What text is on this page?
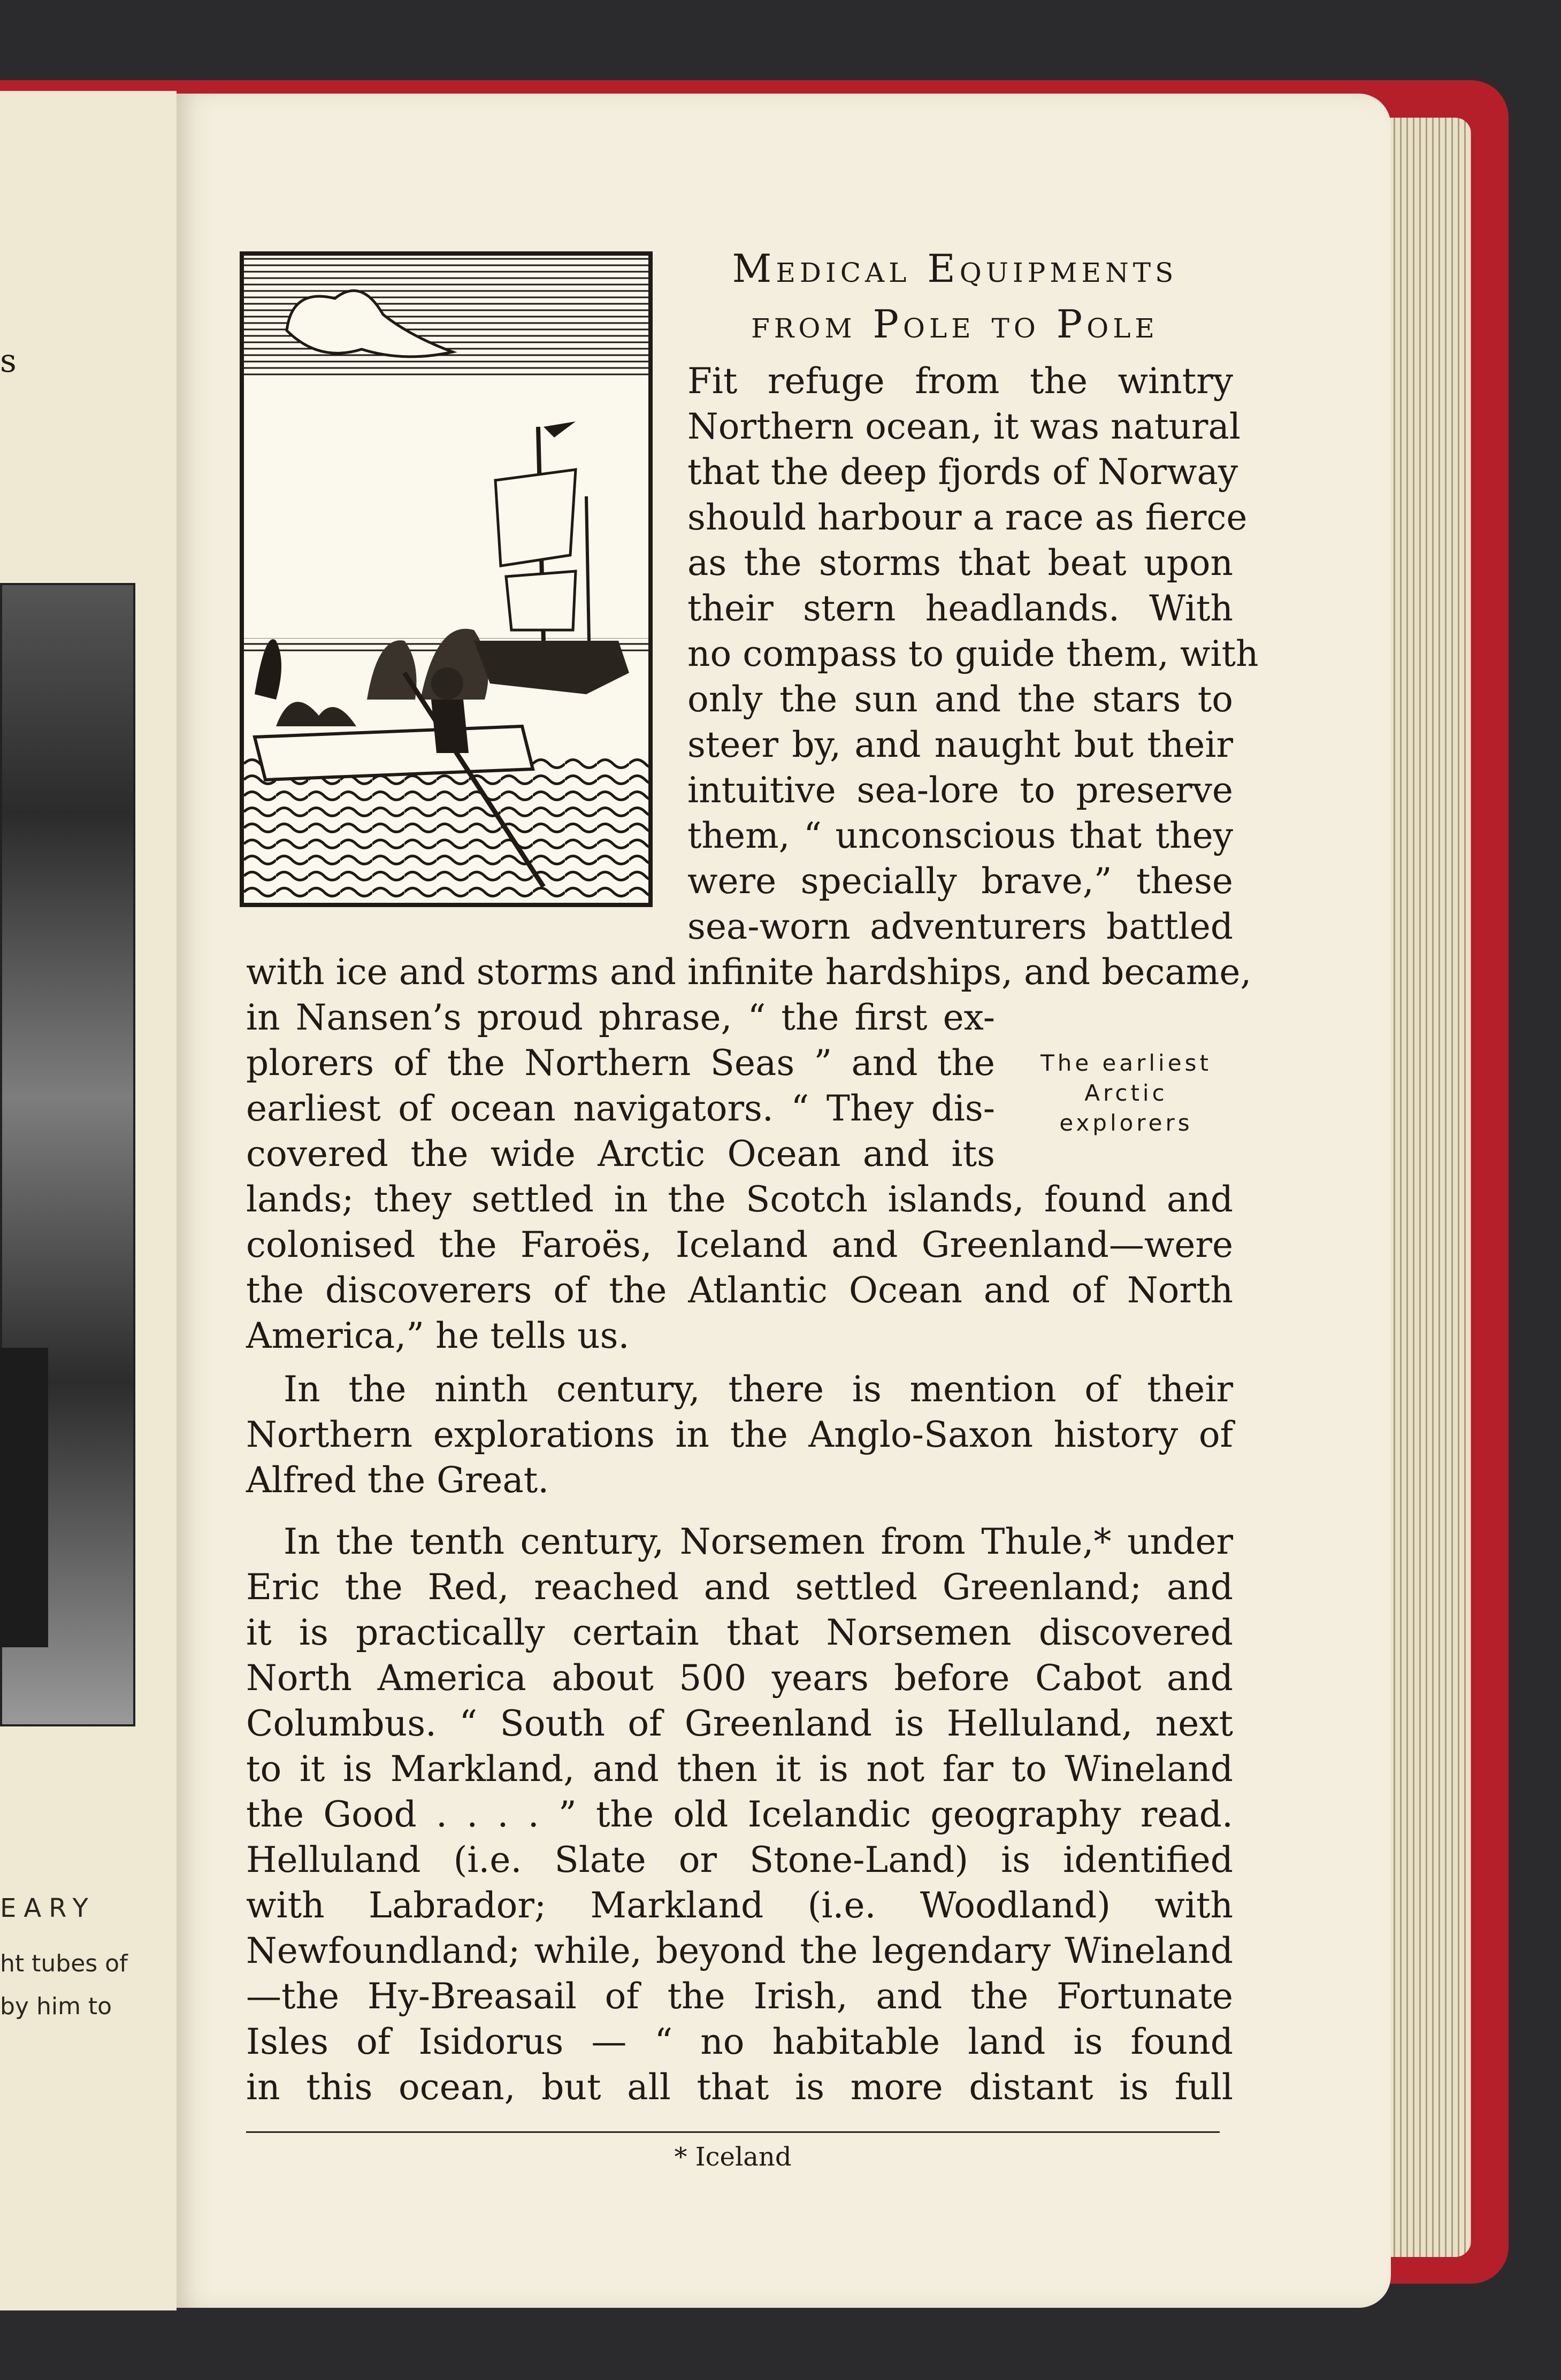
s
EARY
ht tubes of
by him to
Medical Equipments
from Pole to Pole

Fit refuge from the wintry

Northern ocean, it was natural

that the deep fjords of Norway

should harbour a race as fierce

as the storms that beat upon

their stern headlands. With

no compass to guide them, with

only the sun and the stars to

steer by, and naught but their

intuitive sea-lore to preserve

them, “ unconscious that they

were specially brave,” these

sea-worn adventurers battled

with ice and storms and infinite hardships, and became,

in Nansen’s proud phrase, “ the first ex-

plorers of the Northern Seas ” and the

earliest of ocean navigators. “ They dis-

covered the wide Arctic Ocean and its

lands; they settled in the Scotch islands, found and

colonised the Faroës, Iceland and Greenland—were

the discoverers of the Atlantic Ocean and of North

America,” he tells us.

In the ninth century, there is mention of their

Northern explorations in the Anglo-Saxon history of

Alfred the Great.

In the tenth century, Norsemen from Thule,* under

Eric the Red, reached and settled Greenland; and

it is practically certain that Norsemen discovered

North America about 500 years before Cabot and

Columbus. “ South of Greenland is Helluland, next

to it is Markland, and then it is not far to Wineland

the Good . . . . ” the old Icelandic geography read.

Helluland (i.e. Slate or Stone-Land) is identified

with Labrador; Markland (i.e. Woodland) with

Newfoundland; while, beyond the legendary Wineland

—the Hy-Breasail of the Irish, and the Fortunate

Isles of Isidorus — “ no habitable land is found

in this ocean, but all that is more distant is full

The earliest
Arctic
explorers
* Iceland
